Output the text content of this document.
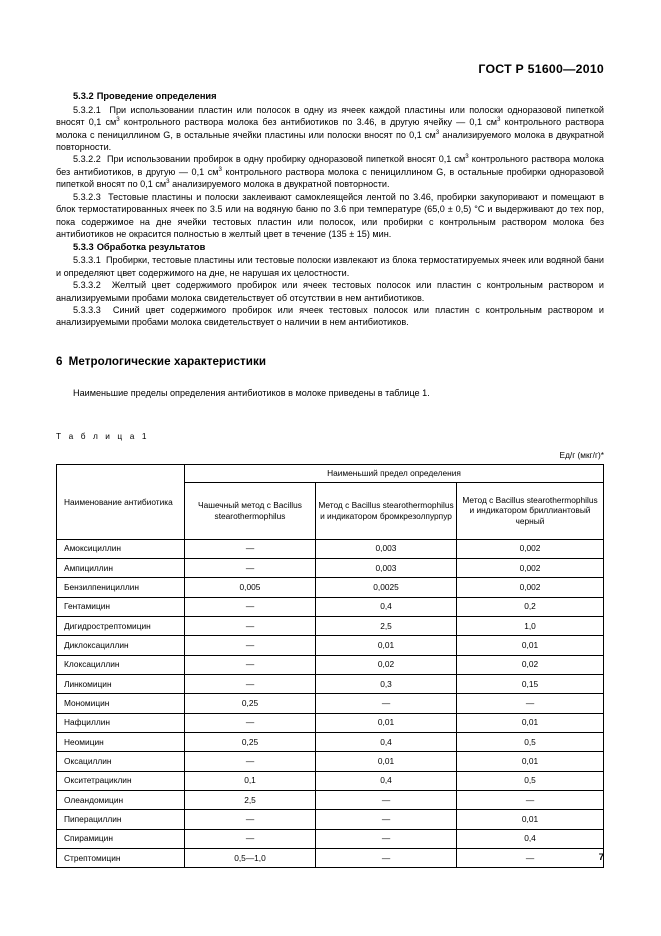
ГОСТ Р 51600—2010
5.3.2 Проведение определения

5.3.2.1 При использовании пластин или полосок в одну из ячеек каждой пластины или полоски одноразовой пипеткой вносят 0,1 $см^3$ контрольного раствора молока без антибиотиков по 3.46, в другую ячейку — 0,1 $см^3$ контрольного раствора молока с пенициллином G, в остальные ячейки пластины или полоски вносят по 0,1 $см^3$ анализируемого молока в двукратной повторности.

5.3.2.2 При использовании пробирок в одну пробирку одноразовой пипеткой вносят 0,1 $см^3$ контрольного раствора молока без антибиотиков, в другую — 0,1 $см^3$ контрольного раствора молока с пенициллином G, в остальные пробирки одноразовой пипеткой вносят по 0,1 $см^3$ анализируемого молока в двукратной повторности.

5.3.2.3 Тестовые пластины и полоски заклеивают самоклеящейся лентой по 3.46, пробирки закупоривают и помещают в блок термостатированных ячеек по 3.5 или на водяную баню по 3.6 при температуре (65,0 ± 0,5) °С и выдерживают до тех пор, пока содержимое на дне ячейки тестовых пластин или полосок, или пробирки с контрольным раствором молока без антибиотиков не окрасится полностью в желтый цвет в течение (135 ± 15) мин.

5.3.3 Обработка результатов

5.3.3.1 Пробирки, тестовые пластины или тестовые полоски извлекают из блока термостатируемых ячеек или водяной бани и определяют цвет содержимого на дне, не нарушая их целостности.

5.3.3.2 Желтый цвет содержимого пробирок или ячеек тестовых полосок или пластин с контрольным раствором и анализируемыми пробами молока свидетельствует об отсутствии в нем антибиотиков.

5.3.3.3 Синий цвет содержимого пробирок или ячеек тестовых полосок или пластин с контрольным раствором и анализируемыми пробами молока свидетельствует о наличии в нем антибиотиков.

6 Метрологические характеристики

Наименьшие пределы определения антибиотиков в молоке приведены в таблице 1.

Т а б л и ц а 1
Ед/г (мкг/г)*
Наименование антибиотика	Наименьший предел определения		
	Чашечный метод с Bacillus stearothermophilus	Метод с Bacillus stearothermophilus и индикатором бромкрезолпурпур	Метод с Bacillus stearothermophilus и индикатором бриллиантовый черный
Амоксициллин	—	0,003	0,002
Ампициллин	—	0,003	0,002
Бензилпенициллин	0,005	0,0025	0,002
Гентамицин	—	0,4	0,2
Дигидрострептомицин	—	2,5	1,0
Диклоксациллин	—	0,01	0,01
Клоксациллин	—	0,02	0,02
Линкомицин	—	0,3	0,15
Мономицин	0,25	—	—
Нафциллин	—	0,01	0,01
Неомицин	0,25	0,4	0,5
Оксациллин	—	0,01	0,01
Окситетрациклин	0,1	0,4	0,5
Олеандомицин	2,5	—	—
Пиперациллин	—	—	0,01
Спирамицин	—	—	0,4
Стрептомицин	0,5—1,0	—	—	7
